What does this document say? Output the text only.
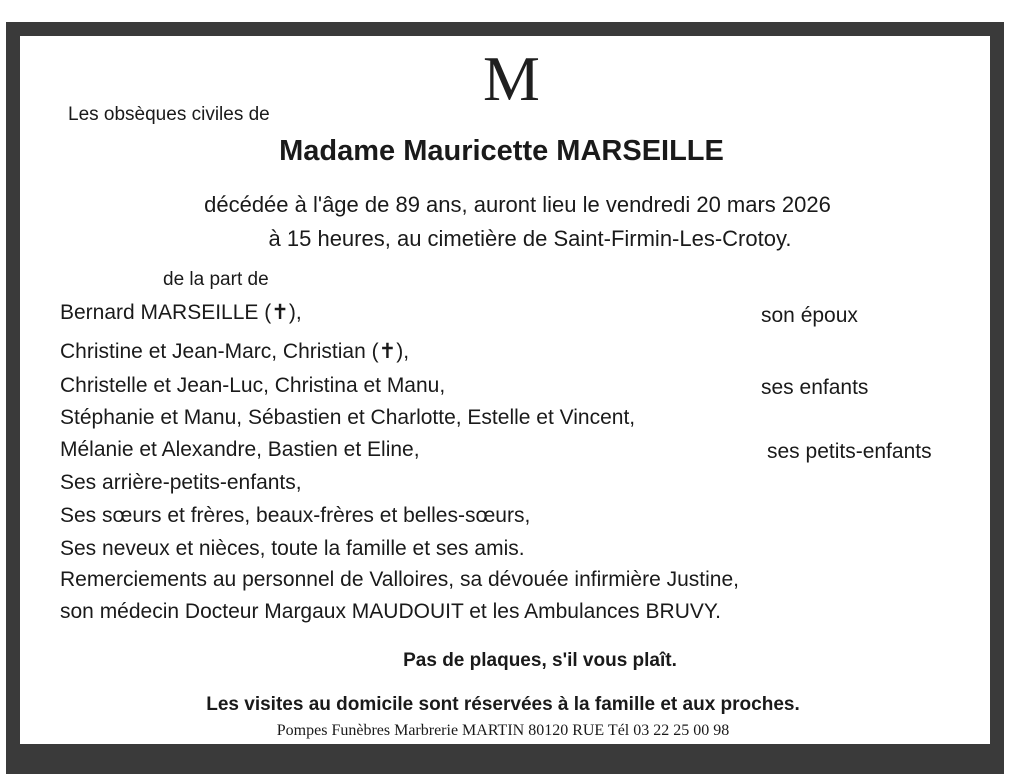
M
Les obsèques civiles de
Madame Mauricette MARSEILLE
décédée à l'âge de 89 ans, auront lieu le vendredi 20 mars 2026
à 15 heures, au cimetière de Saint-Firmin-Les-Crotoy.
de la part de
Bernard MARSEILLE (✝),	son époux
Christine et Jean-Marc, Christian (✝),
Christelle et Jean-Luc, Christina et Manu,	ses enfants
Stéphanie et Manu, Sébastien et Charlotte, Estelle et Vincent,
Mélanie et Alexandre, Bastien et Eline,	ses petits-enfants
Ses arrière-petits-enfants,
Ses sœurs et frères, beaux-frères et belles-sœurs,
Ses neveux et nièces, toute la famille et ses amis.
Remerciements au personnel de Valloires, sa dévouée infirmière Justine,
son médecin Docteur Margaux MAUDOUIT et les Ambulances BRUVY.
Pas de plaques, s'il vous plaît.
Les visites au domicile sont réservées à la famille et aux proches.
Pompes Funèbres Marbrerie MARTIN 80120 RUE Tél 03 22 25 00 98
